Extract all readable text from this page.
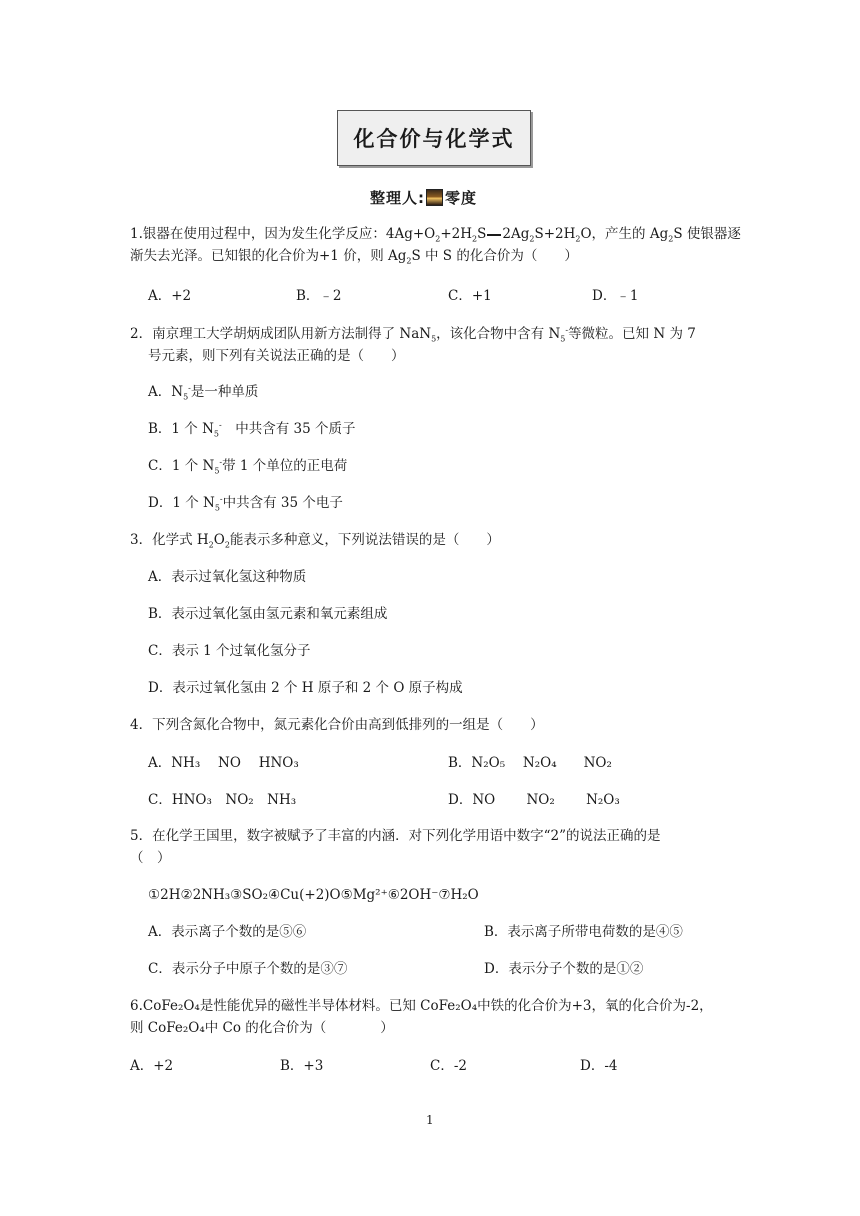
化合价与化学式
整理人: 零度
1.银器在使用过程中，因为发生化学反应：$4Ag+O_2+2H_2S$ $2Ag_2S+2H_2O$，产生的 $Ag_2S$ 使银器逐
渐失去光泽。已知银的化合价为+1 价，则 $Ag_2S$ 中 S 的化合价为（　　）
A．+2	B．﹣2	C．+1	D．﹣1
2．南京理工大学胡炳成团队用新方法制得了 NaN$_5$，该化合物中含有 $N_5^-$等微粒。已知 N 为 7
号元素，则下列有关说法正确的是（　　）
A．$N_5^-$是一种单质
B．1 个 $N_5^-$　中共含有 35 个质子
C．1 个 $N_5^-$带 1 个单位的正电荷
D．1 个 $N_5^-$中共含有 35 个电子
3．化学式 $H_2O_2$能表示多种意义，下列说法错误的是（　　）
A．表示过氧化氢这种物质
B．表示过氧化氢由氢元素和氧元素组成
C．表示 1 个过氧化氢分子
D．表示过氧化氢由 2 个 H 原子和 2 个 O 原子构成
4．下列含氮化合物中，氮元素化合价由高到低排列的一组是（　　）
A．NH₃　 NO　 HNO₃	B．N₂O₅　 N₂O₄　　NO₂
C．HNO₃　NO₂　NH₃	D．NO　　 NO₂　　 N₂O₃
5．在化学王国里，数字被赋予了丰富的内涵．对下列化学用语中数字“2”的说法正确的是
（　）
①2H②2NH₃③SO₂④Cu(+2)O⑤Mg²⁺⑥2OH⁻⑦H₂O
A．表示离子个数的是⑤⑥	B．表示离子所带电荷数的是④⑤
C．表示分子中原子个数的是③⑦	D．表示分子个数的是①②
6.CoFe₂O₄是性能优异的磁性半导体材料。已知 CoFe₂O₄中铁的化合价为+3，氧的化合价为-2，
则 CoFe₂O₄中 Co 的化合价为（　　　　）
A．+2	B．+3	C．-2	D．-4
1
